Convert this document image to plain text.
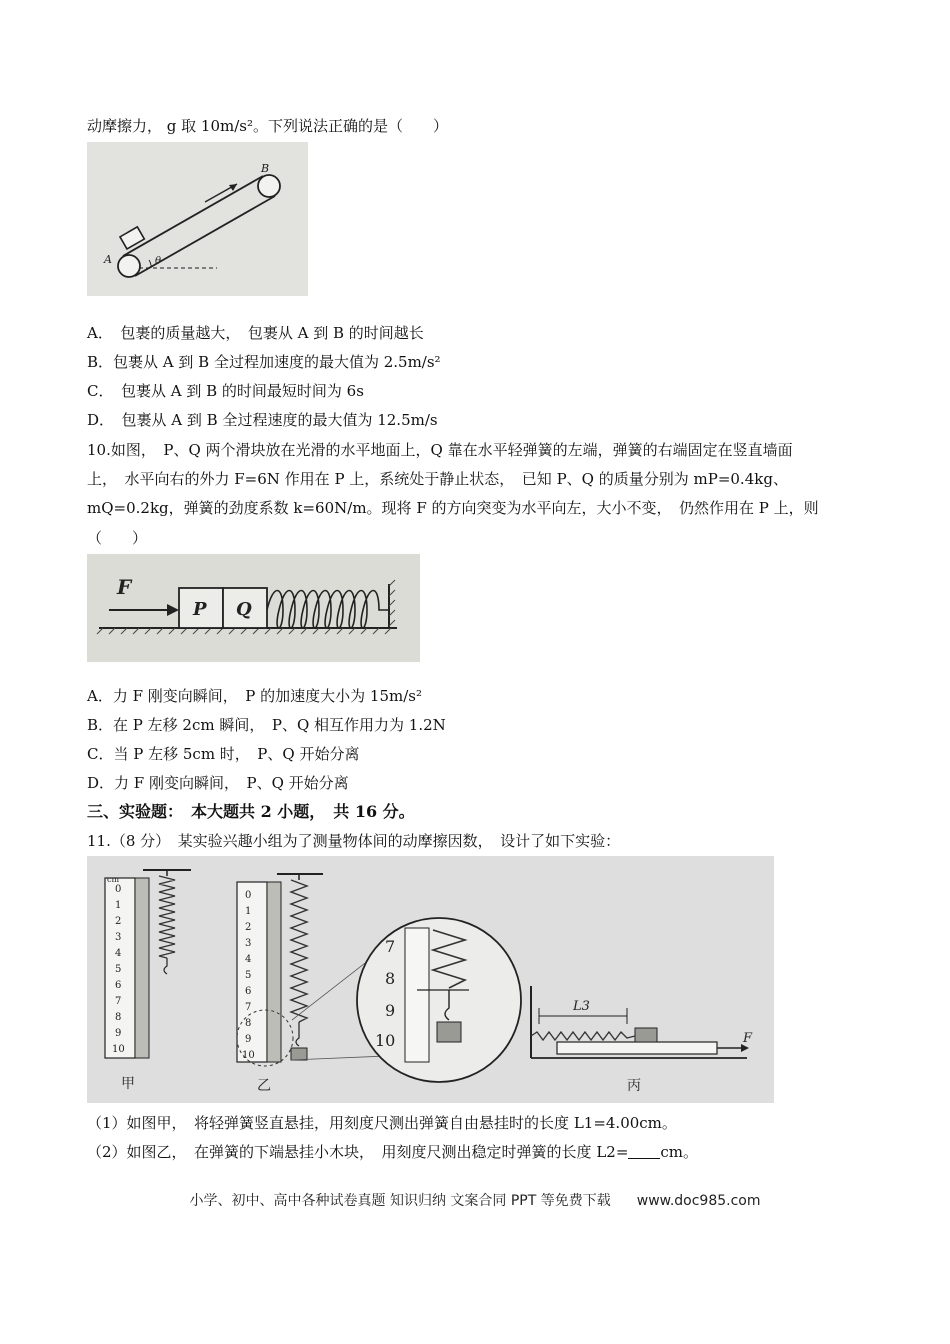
动摩擦力， g 取 10m/s²。下列说法正确的是（　　）
A
B
θ
A．　包裹的质量越大，　包裹从 A 到 B 的时间越长
B．包裹从 A 到 B 全过程加速度的最大值为 2.5m/s²
C．　包裹从 A 到 B 的时间最短时间为 6s
D．　包裹从 A 到 B 全过程速度的最大值为 12.5m/s
10.如图，　P、Q 两个滑块放在光滑的水平地面上，Q 靠在水平轻弹簧的左端，弹簧的右端固定在竖直墙面
上，　水平向右的外力 F=6N 作用在 P 上，系统处于静止状态，　已知 P、Q 的质量分别为 mP=0.4kg、
mQ=0.2kg，弹簧的劲度系数 k=60N/m。现将 F 的方向突变为水平向左，大小不变，　仍然作用在 P 上，则
（　　）
F
P Q
A．力 F 刚变向瞬间，　P 的加速度大小为 15m/s²
B．在 P 左移 2cm 瞬间，　P、Q 相互作用力为 1.2N
C．当 P 左移 5cm 时，　P、Q 开始分离
D．力 F 刚变向瞬间，　P、Q 开始分离
三、实验题：　本大题共 2 小题，　共 16 分。
11.（8 分）　某实验兴趣小组为了测量物体间的动摩擦因数，　设计了如下实验：
cm
0
1
2
3
4
5
6
7
8
9
10
甲
0
1
2
3
4
5
6
7
8
9
10
乙
7
8
9
10
L3
F
丙
（1）如图甲，　将轻弹簧竖直悬挂，用刻度尺测出弹簧自由悬挂时的长度 L1=4.00cm。
（2）如图乙，　在弹簧的下端悬挂小木块，　用刻度尺测出稳定时弹簧的长度 L2= cm。
小学、初中、高中各种试卷真题 知识归纳 文案合同 PPT 等免费下载 www.doc985.com
